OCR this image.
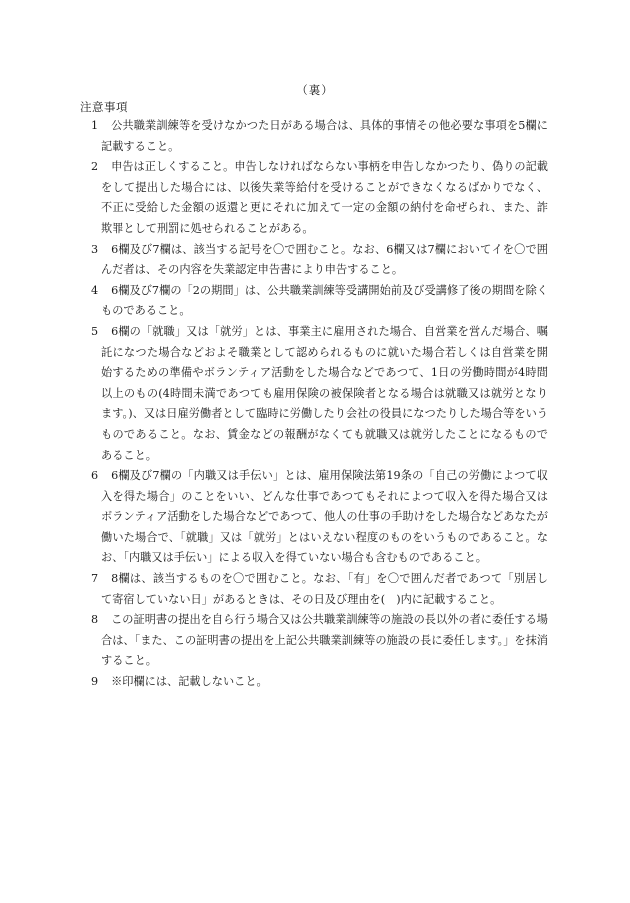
（裏）
注意事項
1	公共職業訓練等を受けなかつた日がある場合は、具体的事情その他必要な事項を5欄に記載すること。
2	申告は正しくすること。申告しなければならない事柄を申告しなかつたり、偽りの記載をして提出した場合には、以後失業等給付を受けることができなくなるばかりでなく、不正に受給した金額の返還と更にそれに加えて一定の金額の納付を命ぜられ、また、詐欺罪として刑罰に処せられることがある。
3	6欄及び7欄は、該当する記号を〇で囲むこと。なお、6欄又は7欄においてイを〇で囲んだ者は、その内容を失業認定申告書により申告すること。
4	6欄及び7欄の「2の期間」は、公共職業訓練等受講開始前及び受講修了後の期間を除くものであること。
5	6欄の「就職」又は「就労」とは、事業主に雇用された場合、自営業を営んだ場合、嘱託になつた場合などおよそ職業として認められるものに就いた場合若しくは自営業を開始するための準備やボランティア活動をした場合などであつて、1日の労働時間が4時間以上のもの(4時間未満であつても雇用保険の被保険者となる場合は就職又は就労となります。)、又は日雇労働者として臨時に労働したり会社の役員になつたりした場合等をいうものであること。なお、賃金などの報酬がなくても就職又は就労したことになるものであること。
6	6欄及び7欄の「内職又は手伝い」とは、雇用保険法第19条の「自己の労働によつて収入を得た場合」のことをいい、どんな仕事であつてもそれによつて収入を得た場合又はボランティア活動をした場合などであつて、他人の仕事の手助けをした場合などあなたが働いた場合で、「就職」又は「就労」とはいえない程度のものをいうものであること。なお、「内職又は手伝い」による収入を得ていない場合も含むものであること。
7	8欄は、該当するものを〇で囲むこと。なお、「有」を〇で囲んだ者であつて「別居して寄宿していない日」があるときは、その日及び理由を(　)内に記載すること。
8	この証明書の提出を自ら行う場合又は公共職業訓練等の施設の長以外の者に委任する場合は、「また、この証明書の提出を上記公共職業訓練等の施設の長に委任します。」を抹消すること。
9	※印欄には、記載しないこと。
